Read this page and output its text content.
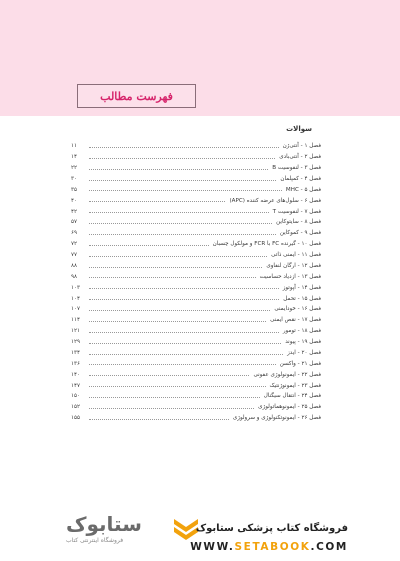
فهرست مطالب
سوالات
فصل ۱ - آنتی‌ژن
۱۱
فصل ۲ - آنتی‌بادی
۱۴
فصل ۳ - لنفوسیت B
۲۲
فصل ۴ - کمپلمان
۳۰
فصل ۵ - MHC
۳۵
فصل ۶ - سلول‌های عرضه کننده (APC)
۴۰
فصل ۷ - لنفوسیت T
۴۲
فصل ۸ - سایتوکاین
۵۷
فصل ۹ - کموکاین
۶۹
فصل ۱۰ - گیرنده FC با FCR و مولکول چسبان
۷۲
فصل ۱۱ - ایمنی ذاتی
۷۷
فصل ۱۲ - ارگان لنفاوی
۸۸
فصل ۱۳ - ازدیاد حساسیت
۹۸
فصل ۱۴ - آپوتوز
۱۰۳
فصل ۱۵ - تحمل
۱۰۴
فصل ۱۶ - خودایمنی
۱۰۷
فصل ۱۷ - نقص ایمنی
۱۱۴
فصل ۱۸ - تومور
۱۲۱
فصل ۱۹ - پیوند
۱۲۹
فصل ۲۰ - ایدز
۱۳۴
فصل ۲۱ - واکسن
۱۳۶
فصل ۲۲ - ایمونولوژی عفونی
۱۴۰
فصل ۲۳ - ایمونوژنتیک
۱۴۷
فصل ۲۴ - انتقال سیگنال
۱۵۰
فصل ۲۵ - ایمونوهماتولوژی
۱۵۲
فصل ۲۶ - ایمونوتکنولوژی و سرولوژی
۱۵۵
ستابوک
فروشگاه اینترنتی کتاب
فروشگاه کتاب پزشکی ستابوک
WWW.SETABOOK.COM
